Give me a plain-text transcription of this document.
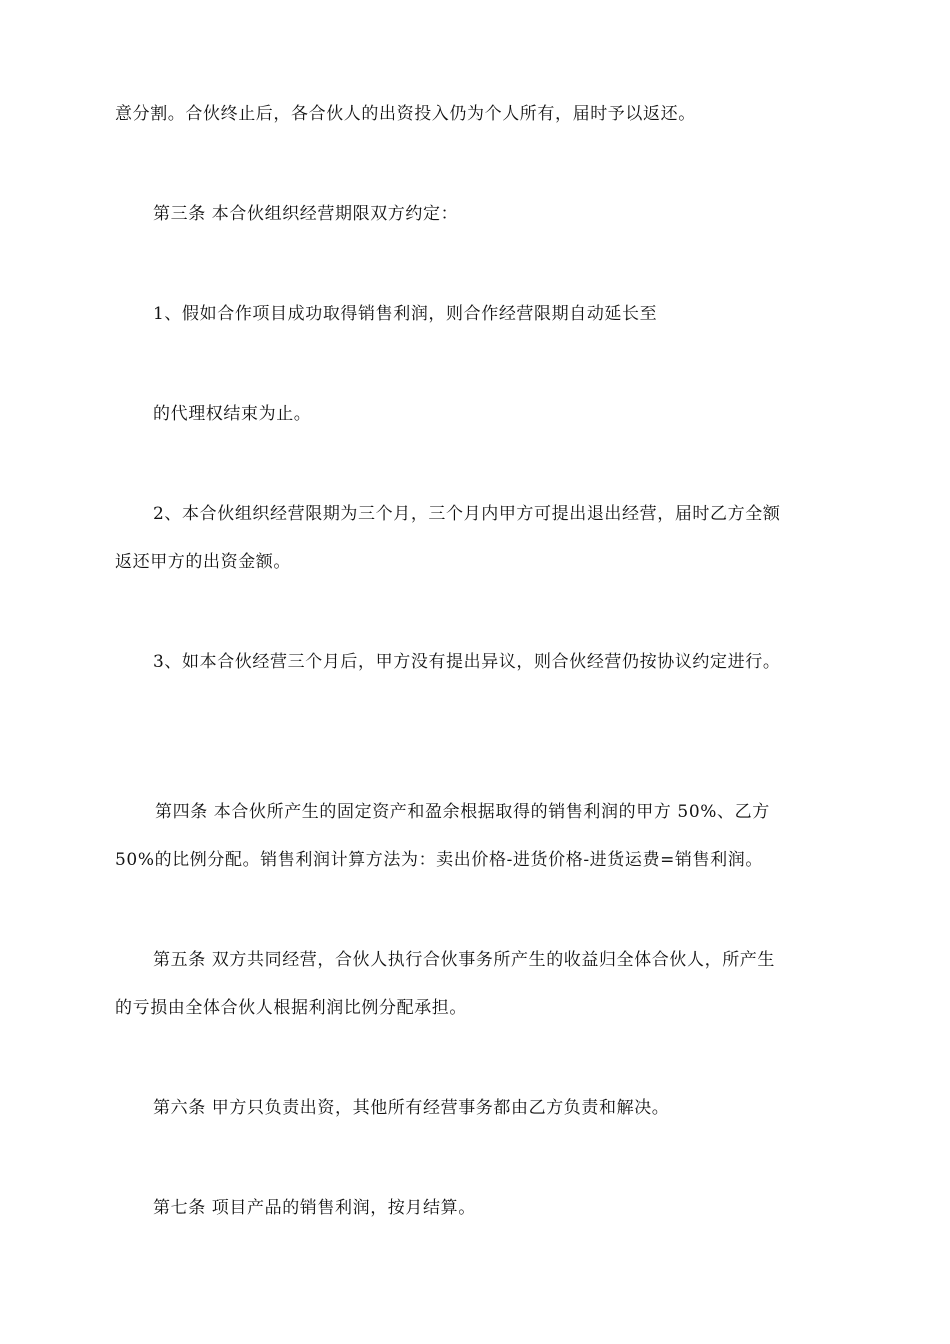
意分割。合伙终止后，各合伙人的出资投入仍为个人所有，届时予以返还。
第三条 本合伙组织经营期限双方约定：
1、假如合作项目成功取得销售利润，则合作经营限期自动延长至
的代理权结束为止。
2、本合伙组织经营限期为三个月，三个月内甲方可提出退出经营，届时乙方全额
返还甲方的出资金额。
3、如本合伙经营三个月后，甲方没有提出异议，则合伙经营仍按协议约定进行。
第四条 本合伙所产生的固定资产和盈余根据取得的销售利润的甲方 50%、乙方
50%的比例分配。销售利润计算方法为：卖出价格-进货价格-进货运费=销售利润。
第五条 双方共同经营，合伙人执行合伙事务所产生的收益归全体合伙人，所产生
的亏损由全体合伙人根据利润比例分配承担。
第六条 甲方只负责出资，其他所有经营事务都由乙方负责和解决。
第七条 项目产品的销售利润，按月结算。
